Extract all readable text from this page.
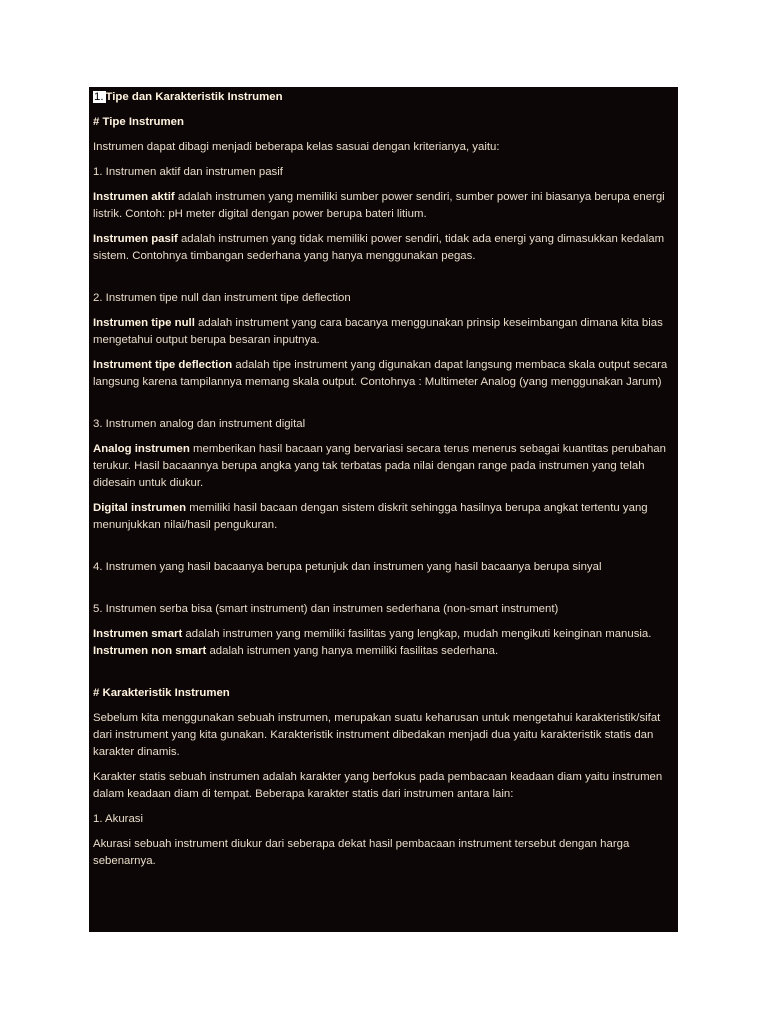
1. Tipe dan Karakteristik Instrumen

# Tipe Instrumen

Instrumen dapat dibagi menjadi beberapa kelas sasuai dengan kriterianya, yaitu:

1. Instrumen aktif dan instrumen pasif

Instrumen aktif adalah instrumen yang memiliki sumber power sendiri, sumber power ini biasanya berupa energi listrik. Contoh: pH meter digital dengan power berupa bateri litium.

Instrumen pasif adalah instrumen yang tidak memiliki power sendiri, tidak ada energi yang dimasukkan kedalam sistem. Contohnya timbangan sederhana yang hanya menggunakan pegas.

2. Instrumen tipe null dan instrument tipe deflection

Instrumen tipe null adalah instrument yang cara bacanya menggunakan prinsip keseimbangan dimana kita bias mengetahui output berupa besaran inputnya.

Instrument tipe deflection adalah tipe instrument yang digunakan dapat langsung membaca skala output secara langsung karena tampilannya memang skala output. Contohnya : Multimeter Analog (yang menggunakan Jarum)

3. Instrumen analog dan instrument digital

Analog instrumen memberikan hasil bacaan yang bervariasi secara terus menerus sebagai kuantitas perubahan terukur. Hasil bacaannya berupa angka yang tak terbatas pada nilai dengan range pada instrumen yang telah didesain untuk diukur.

Digital instrumen memiliki hasil bacaan dengan sistem diskrit sehingga hasilnya berupa angkat tertentu yang menunjukkan nilai/hasil pengukuran.

4. Instrumen yang hasil bacaanya berupa petunjuk dan instrumen yang hasil bacaanya berupa sinyal

5. Instrumen serba bisa (smart instrument) dan instrumen sederhana (non-smart instrument)

Instrumen smart adalah instrumen yang memiliki fasilitas yang lengkap, mudah mengikuti keinginan manusia. Instrumen non smart adalah istrumen yang hanya memiliki fasilitas sederhana.

# Karakteristik Instrumen

Sebelum kita menggunakan sebuah instrumen, merupakan suatu keharusan untuk mengetahui karakteristik/sifat dari instrument yang kita gunakan. Karakteristik instrument dibedakan menjadi dua yaitu karakteristik statis dan karakter dinamis.

Karakter statis sebuah instrumen adalah karakter yang berfokus pada pembacaan keadaan diam yaitu instrumen dalam keadaan diam di tempat. Beberapa karakter statis dari instrumen antara lain:

1. Akurasi

Akurasi sebuah instrument diukur dari seberapa dekat hasil pembacaan instrument tersebut dengan harga sebenarnya.
